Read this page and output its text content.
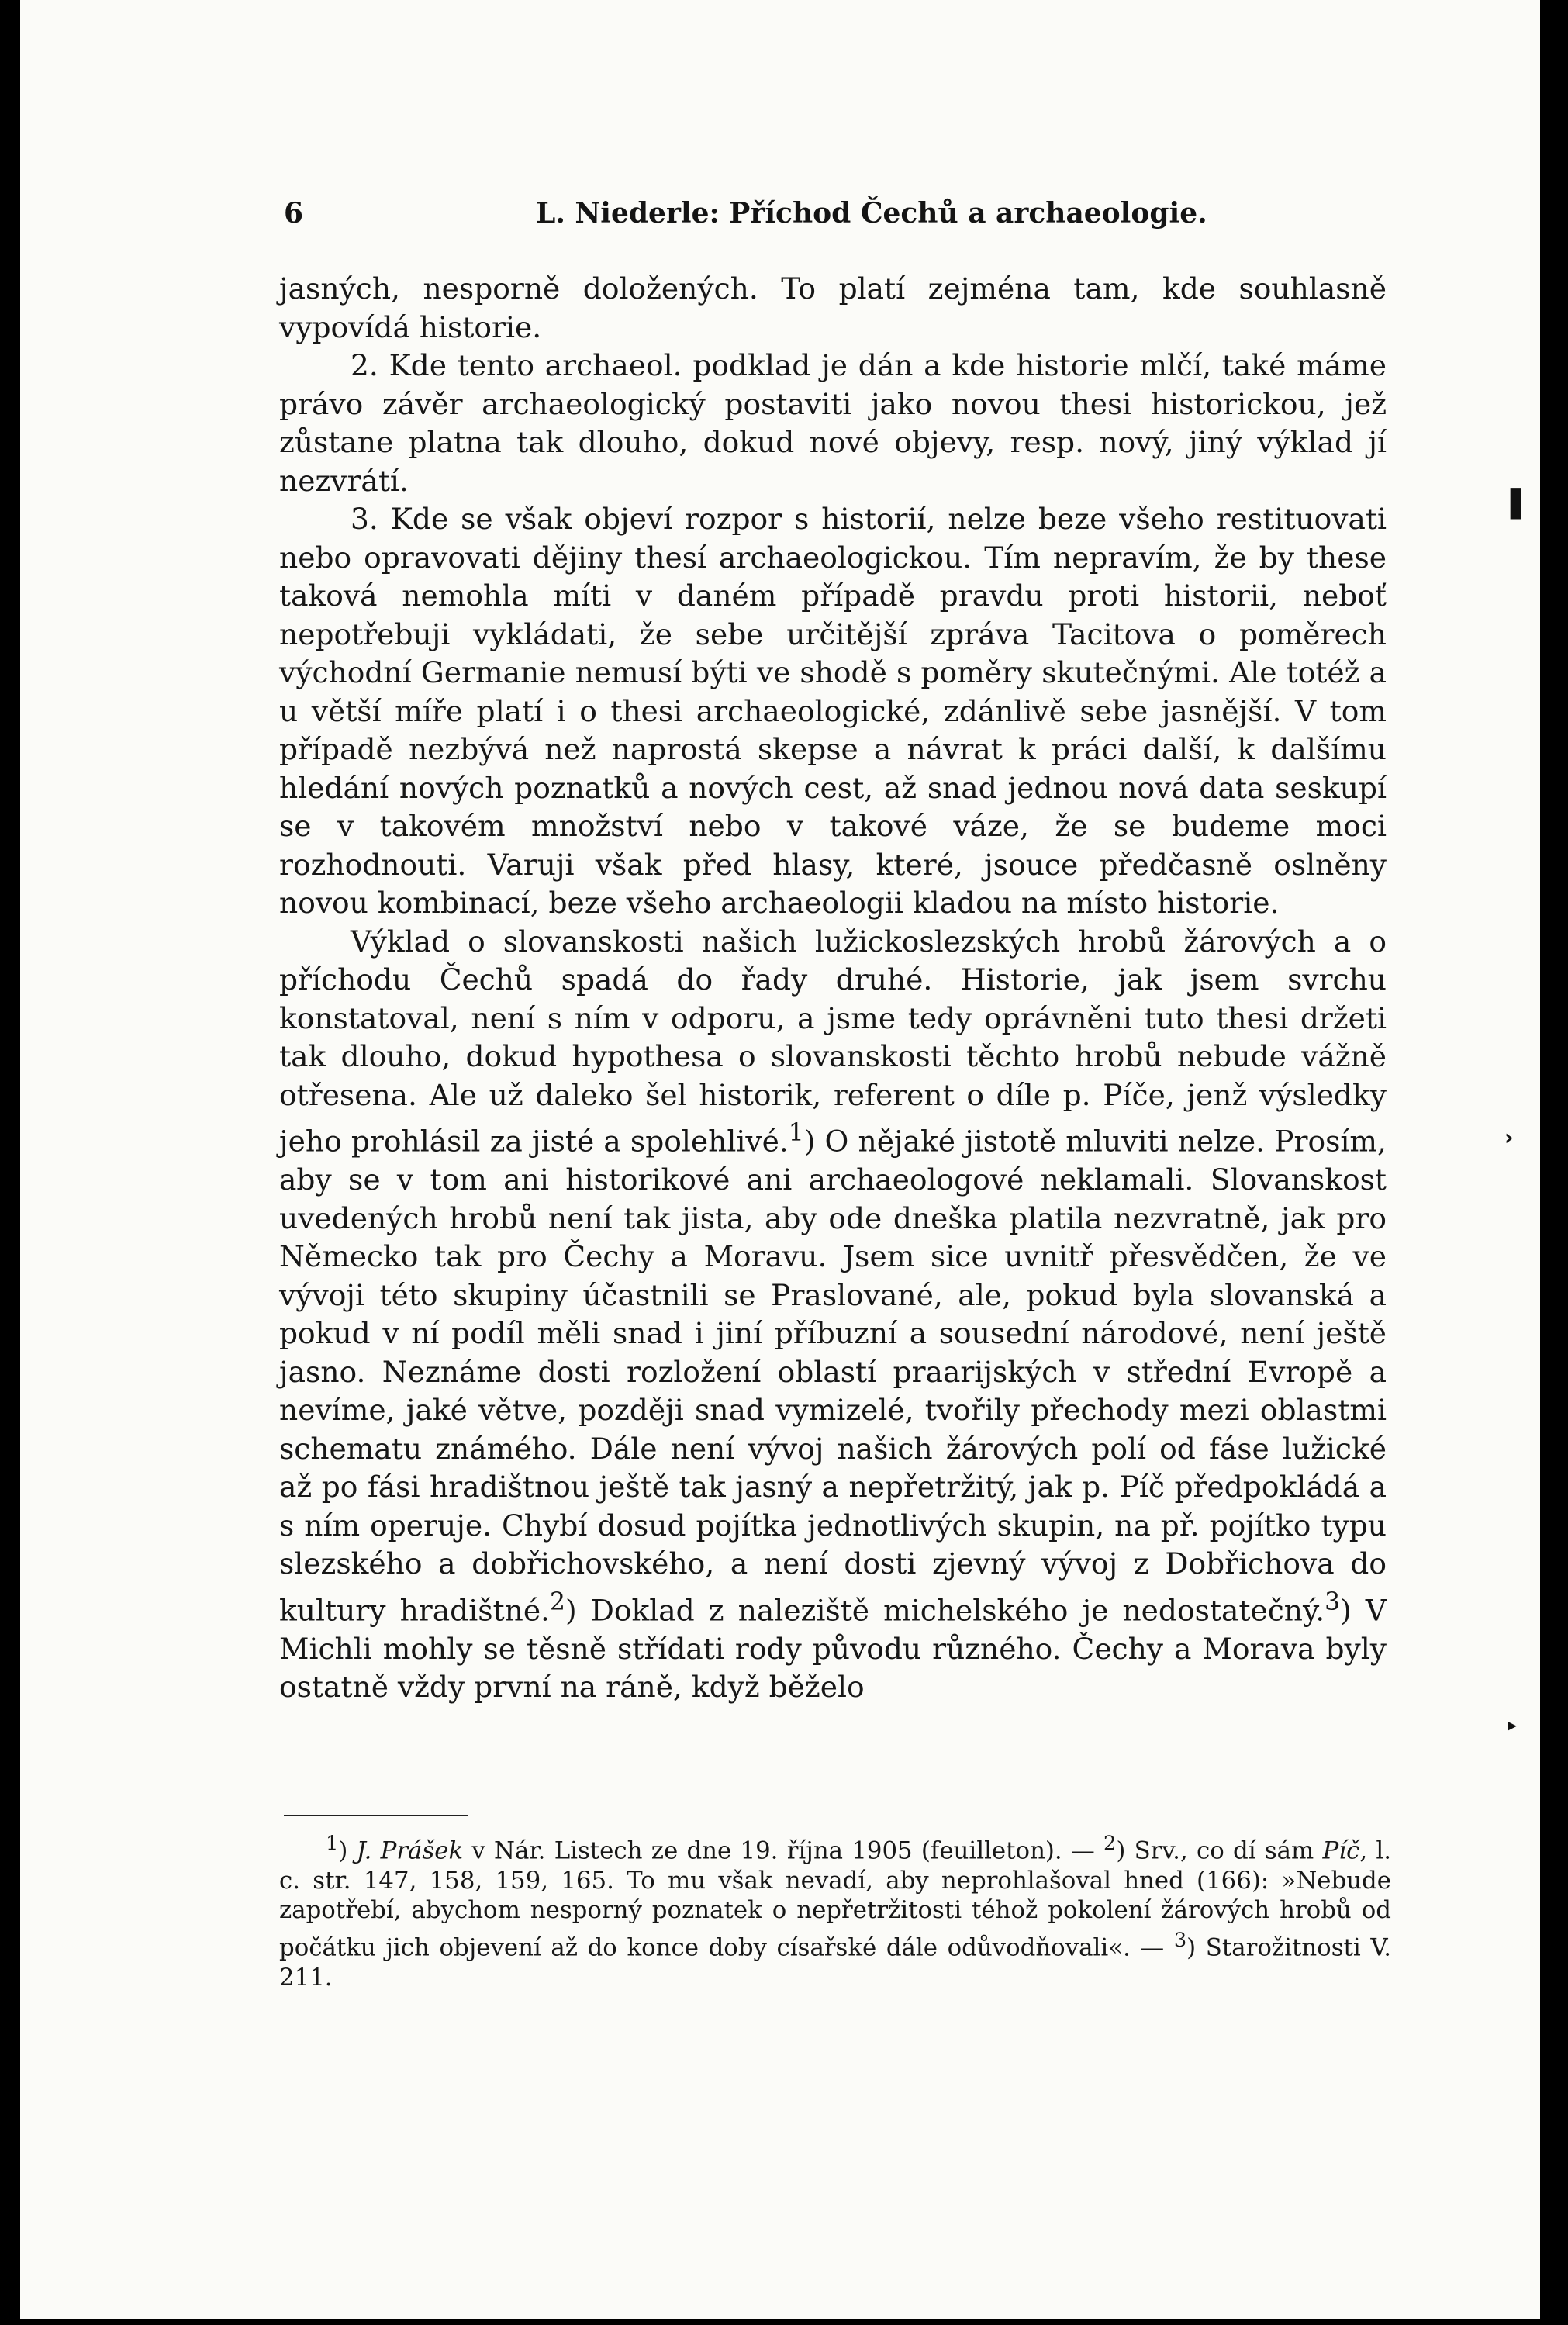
6	L. Niederle: Příchod Čechů a archaeologie.

jasných, nesporně doložených. To platí zejména tam, kde souhlasně vypovídá historie.

2. Kde tento archaeol. podklad je dán a kde historie mlčí, také máme právo závěr archaeologický postaviti jako novou thesi historickou, jež zůstane platna tak dlouho, dokud nové objevy, resp. nový, jiný výklad jí nezvrátí.

3. Kde se však objeví rozpor s historií, nelze beze všeho restituovati nebo opravovati dějiny thesí archaeologickou. Tím nepravím, že by these taková nemohla míti v daném případě pravdu proti historii, neboť nepotřebuji vykládati, že sebe určitější zpráva Tacitova o poměrech východní Germanie nemusí býti ve shodě s poměry skutečnými. Ale totéž a u větší míře platí i o thesi archaeologické, zdánlivě sebe jasnější. V tom případě nezbývá než naprostá skepse a návrat k práci další, k dalšímu hledání nových poznatků a nových cest, až snad jednou nová data seskupí se v takovém množství nebo v takové váze, že se budeme moci rozhodnouti. Varuji však před hlasy, které, jsouce předčasně oslněny novou kombinací, beze všeho archaeologii kladou na místo historie.

Výklad o slovanskosti našich lužickoslezských hrobů žárových a o příchodu Čechů spadá do řady druhé. Historie, jak jsem svrchu konstatoval, není s ním v odporu, a jsme tedy oprávněni tuto thesi držeti tak dlouho, dokud hypothesa o slovanskosti těchto hrobů nebude vážně otřesena. Ale už daleko šel historik, referent o díle p. Píče, jenž výsledky jeho prohlásil za jisté a spolehlivé.$^1$) O nějaké jistotě mluviti nelze. Prosím, aby se v tom ani historikové ani archaeologové neklamali. Slovanskost uvedených hrobů není tak jista, aby ode dneška platila nezvratně, jak pro Německo tak pro Čechy a Moravu. Jsem sice uvnitř přesvědčen, že ve vývoji této skupiny účastnili se Praslované, ale, pokud byla slovanská a pokud v ní podíl měli snad i jiní příbuzní a sousední národové, není ještě jasno. Neznáme dosti rozložení oblastí praarijských v střední Evropě a nevíme, jaké větve, později snad vymizelé, tvořily přechody mezi oblastmi schematu známého. Dále není vývoj našich žárových polí od fáse lužické až po fási hradištnou ještě tak jasný a nepřetržitý, jak p. Píč předpokládá a s ním operuje. Chybí dosud pojítka jednotlivých skupin, na př. pojítko typu slezského a dobřichovského, a není dosti zjevný vývoj z Dobřichova do kultury hradištné.$^2$) Doklad z naleziště michelského je nedostatečný.$^3$) V Michli mohly se těsně střídati rody původu různého. Čechy a Morava byly ostatně vždy první na ráně, když běželo

$^1$) J. Prášek v Nár. Listech ze dne 19. října 1905 (feuilleton). — $^2$) Srv., co dí sám Píč, l. c. str. 147, 158, 159, 165. To mu však nevadí, aby neprohlašoval hned (166): »Nebude zapotřebí, abychom nesporný poznatek o nepřetržitosti téhož pokolení žárových hrobů od počátku jich objevení až do konce doby císařské dále odůvodňovali«. — $^3$) Starožitnosti V. 211.

▌
›
▸
